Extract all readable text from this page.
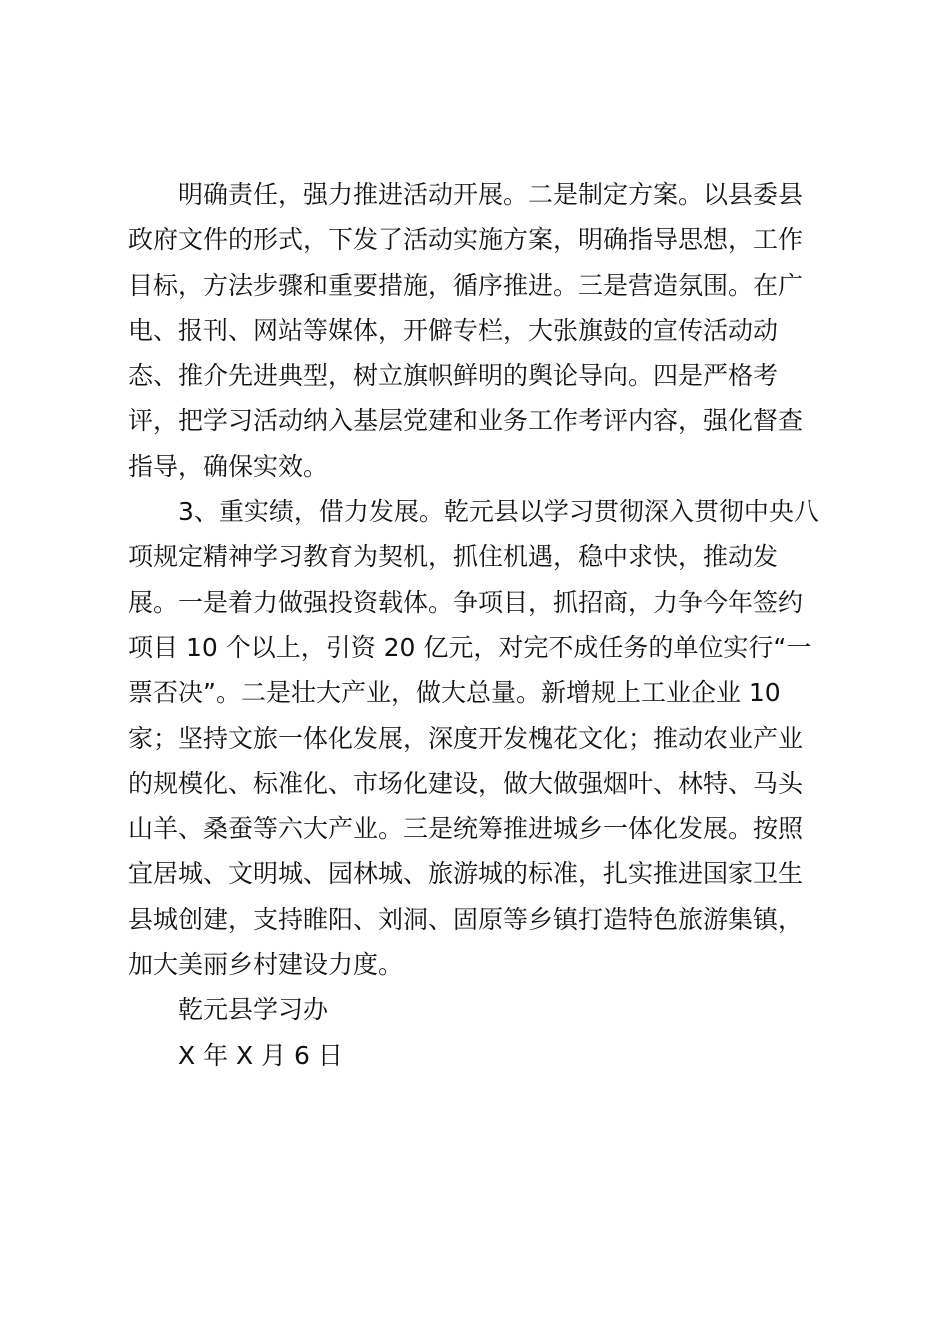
明确责任，强力推进活动开展。二是制定方案。以县委县
政府文件的形式，下发了活动实施方案，明确指导思想，工作
目标，方法步骤和重要措施，循序推进。三是营造氛围。在广
电、报刊、网站等媒体，开僻专栏，大张旗鼓的宣传活动动
态、推介先进典型，树立旗帜鲜明的舆论导向。四是严格考
评，把学习活动纳入基层党建和业务工作考评内容，强化督查
指导，确保实效。
3、重实绩，借力发展。乾元县以学习贯彻深入贯彻中央八
项规定精神学习教育为契机，抓住机遇，稳中求快，推动发
展。一是着力做强投资载体。争项目，抓招商，力争今年签约
项目 10 个以上，引资 20 亿元，对完不成任务的单位实行“一
票否决”。二是壮大产业，做大总量。新增规上工业企业 10
家；坚持文旅一体化发展，深度开发槐花文化；推动农业产业
的规模化、标准化、市场化建设，做大做强烟叶、林特、马头
山羊、桑蚕等六大产业。三是统筹推进城乡一体化发展。按照
宜居城、文明城、园林城、旅游城的标准，扎实推进国家卫生
县城创建，支持睢阳、刘洞、固原等乡镇打造特色旅游集镇，
加大美丽乡村建设力度。
乾元县学习办
X 年 X 月 6 日
